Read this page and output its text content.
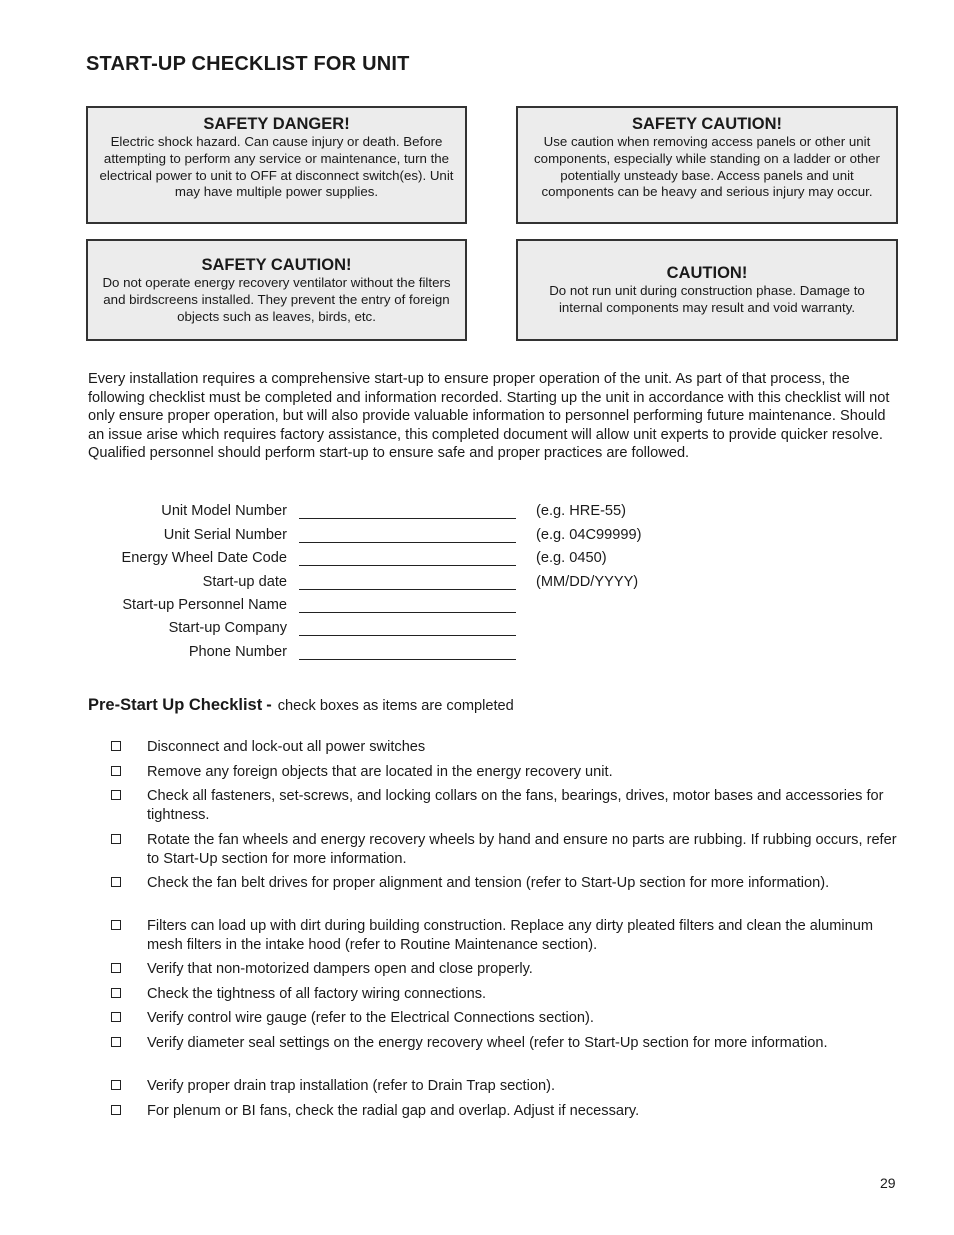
START-UP CHECKLIST FOR UNIT
SAFETY DANGER!

Electric shock hazard. Can cause injury or death. Before attempting to perform any service or maintenance, turn the electrical power to unit to OFF at disconnect switch(es). Unit may have multiple power supplies.

SAFETY CAUTION!

Use caution when removing access panels or other unit components, especially while standing on a ladder or other potentially unsteady base. Access panels and unit components can be heavy and serious injury may occur.

SAFETY CAUTION!

Do not operate energy recovery ventilator without the filters and birdscreens installed. They prevent the entry of foreign objects such as leaves, birds, etc.

CAUTION!

Do not run unit during construction phase. Damage to internal components may result and void warranty.

Every installation requires a comprehensive start-up to ensure proper operation of the unit. As part of that process, the following checklist must be completed and information recorded. Starting up the unit in accordance with this checklist will not only ensure proper operation, but will also provide valuable information to personnel performing future maintenance. Should an issue arise which requires factory assistance, this completed document will allow unit experts to provide quicker resolve. Qualified personnel should perform start-up to ensure safe and proper practices are followed.

Unit Model Number	(e.g. HRE-55)
Unit Serial Number	(e.g. 04C99999)
Energy Wheel Date Code	(e.g. 0450)
Start-up date	(MM/DD/YYYY)
Start-up Personnel Name
Start-up Company
Phone Number
Pre-Start Up Checklist - check boxes as items are completed

Disconnect and lock-out all power switches

Remove any foreign objects that are located in the energy recovery unit.

Check all fasteners, set-screws, and locking collars on the fans, bearings, drives, motor bases and accessories for tightness.

Rotate the fan wheels and energy recovery wheels by hand and ensure no parts are rubbing. If rubbing occurs, refer to Start-Up section for more information.

Check the fan belt drives for proper alignment and tension (refer to Start-Up section for more information).

Filters can load up with dirt during building construction. Replace any dirty pleated filters and clean the aluminum mesh filters in the intake hood (refer to Routine Maintenance section).

Verify that non-motorized dampers open and close properly.

Check the tightness of all factory wiring connections.

Verify control wire gauge (refer to the Electrical Connections section).

Verify diameter seal settings on the energy recovery wheel (refer to Start-Up section for more information.

Verify proper drain trap installation (refer to Drain Trap section).

For plenum or BI fans, check the radial gap and overlap. Adjust if necessary.

29
